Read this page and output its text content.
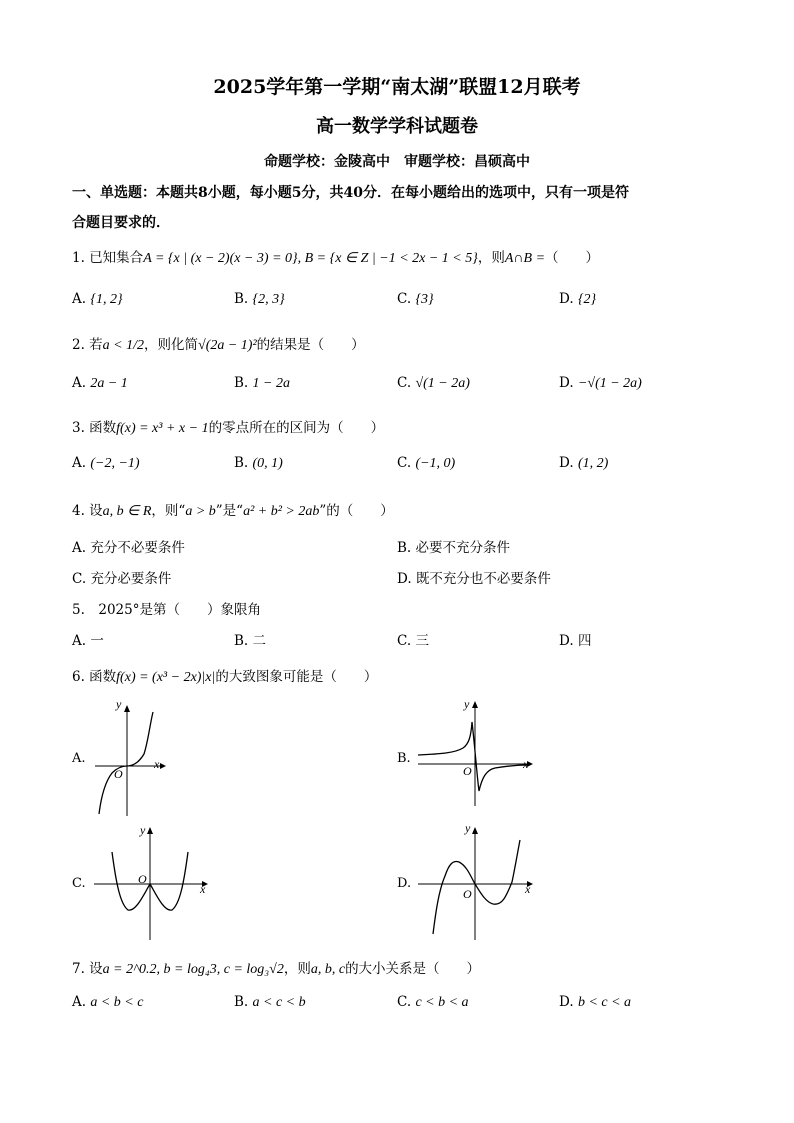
2025学年第一学期“南太湖”联盟12月联考
高一数学学科试题卷
命题学校：金陵高中　审题学校：昌硕高中
一、单选题：本题共8小题，每小题5分，共40分．在每小题给出的选项中，只有一项是符
合题目要求的．
1. 已知集合A = {x | (x − 2)(x − 3) = 0}, B = {x ∈ Z | −1 < 2x − 1 < 5}，则A∩B =（　　）
A. {1, 2}	B. {2, 3}	C. {3}	D. {2}
2. 若a < 1/2，则化简√(2a − 1)²的结果是（　　）
A. 2a − 1	B. 1 − 2a	C. √(1 − 2a)	D. −√(1 − 2a)
3. 函数f(x) = x³ + x − 1的零点所在的区间为（　　）
A. (−2, −1)	B. (0, 1)	C. (−1, 0)	D. (1, 2)
4. 设a, b ∈ R，则“a > b”是“a² + b² > 2ab”的（　　）
A. 充分不必要条件	B. 必要不充分条件
C. 充分必要条件	D. 既不充分也不必要条件
5.　2025°是第（　　）象限角
A. 一	B. 二	C. 三	D. 四
6. 函数f(x) = (x³ − 2x)|x|的大致图象可能是（　　）
A.
y
x
O
B.
y
x
O
C.
y
x
O	D.
y
x
O
7. 设a = 2^0.2, b = log₄3, c = log₃√2，则a, b, c的大小关系是（　　）
A. a < b < c	B. a < c < b	C. c < b < a	D. b < c < a
